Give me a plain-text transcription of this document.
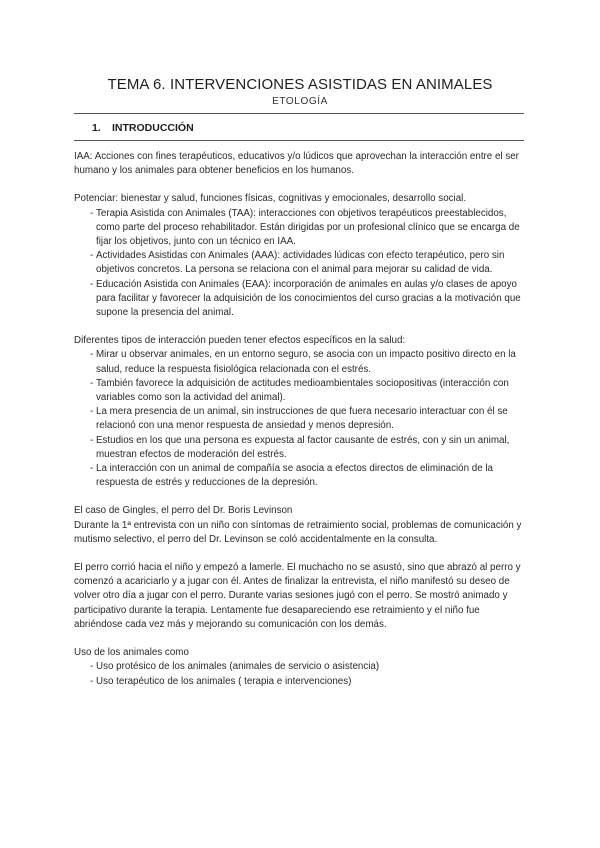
TEMA 6. INTERVENCIONES ASISTIDAS EN ANIMALES
ETOLOGÍA
1. INTRODUCCIÓN

IAA: Acciones con fines terapéuticos, educativos y/o lúdicos que aprovechan la interacción entre el ser humano y los animales para obtener beneficios en los humanos.

Potenciar: bienestar y salud, funciones físicas, cognitivas y emocionales, desarrollo social.

- Terapia Asistida con Animales (TAA): interacciones con objetivos terapéuticos preestablecidos, como parte del proceso rehabilitador. Están dirigidas por un profesional clínico que se encarga de fijar los objetivos, junto con un técnico en IAA.
- Actividades Asistidas con Animales (AAA): actividades lúdicas con efecto terapéutico, pero sin objetivos concretos. La persona se relaciona con el animal para mejorar su calidad de vida.
- Educación Asistida con Animales (EAA): incorporación de animales en aulas y/o clases de apoyo para facilitar y favorecer la adquisición de los conocimientos del curso gracias a la motivación que supone la presencia del animal.

Diferentes tipos de interacción pueden tener efectos específicos en la salud:

- Mirar u observar animales, en un entorno seguro, se asocia con un impacto positivo directo en la salud, reduce la respuesta fisiológica relacionada con el estrés.
- También favorece la adquisición de actitudes medioambientales sociopositivas (interacción con variables como son la actividad del animal).
- La mera presencia de un animal, sin instrucciones de que fuera necesario interactuar con él se relacionó con una menor respuesta de ansiedad y menos depresión.
- Estudios en los que una persona es expuesta al factor causante de estrés, con y sin un animal, muestran efectos de moderación del estrés.
- La interacción con un animal de compañía se asocia a efectos directos de eliminación de la respuesta de estrés y reducciones de la depresión.

El caso de Gingles, el perro del Dr. Boris Levinson

Durante la 1ª entrevista con un niño con síntomas de retraimiento social, problemas de comunicación y mutismo selectivo, el perro del Dr. Levinson se coló accidentalmente en la consulta.

El perro corrió hacia el niño y empezó a lamerle. El muchacho no se asustó, sino que abrazó al perro y comenzó a acariciarlo y a jugar con él. Antes de finalizar la entrevista, el niño manifestó su deseo de volver otro día a jugar con el perro. Durante varias sesiones jugó con el perro. Se mostró animado y participativo durante la terapia. Lentamente fue desapareciendo ese retraimiento y el niño fue abriéndose cada vez más y mejorando su comunicación con los demás.

Uso de los animales como

- Uso protésico de los animales (animales de servicio o asistencia)
- Uso terapéutico de los animales ( terapia e intervenciones)
